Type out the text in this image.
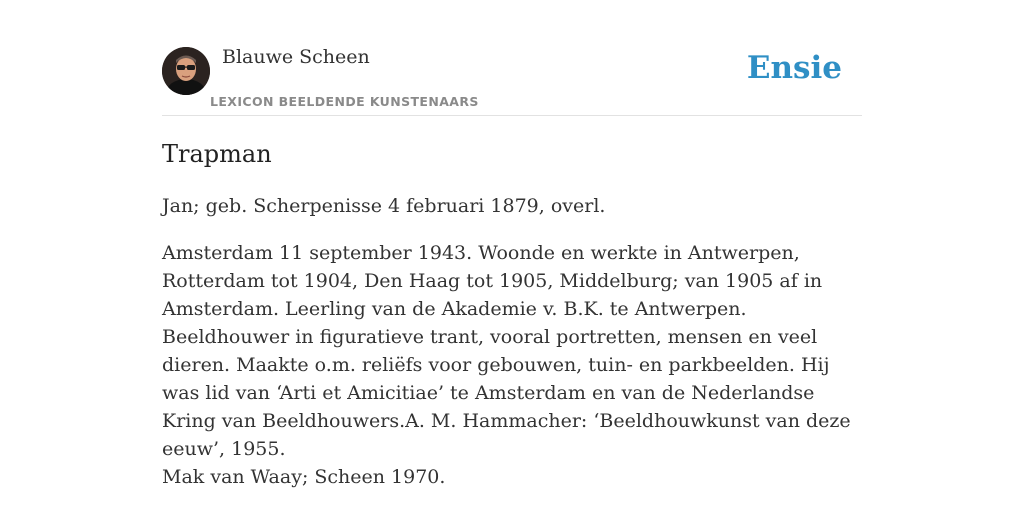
Blauwe Scheen
LEXICON BEELDENDE KUNSTENAARS
Ensie
Trapman
Jan; geb. Scherpenisse 4 februari 1879, overl.
Amsterdam 11 september 1943. Woonde en werkte in Antwerpen, Rotterdam tot 1904, Den Haag tot 1905, Middelburg; van 1905 af in Amsterdam. Leerling van de Akademie v. B.K. te Antwerpen. Beeldhouwer in figuratieve trant, vooral portretten, mensen en veel dieren. Maakte o.m. reliëfs voor gebouwen, tuin- en parkbeelden. Hij was lid van ‘Arti et Amicitiae’ te Amsterdam en van de Nederlandse Kring van Beeldhouwers.A. M. Hammacher: ‘Beeldhouwkunst van deze eeuw’, 1955.
Mak van Waay; Scheen 1970.
